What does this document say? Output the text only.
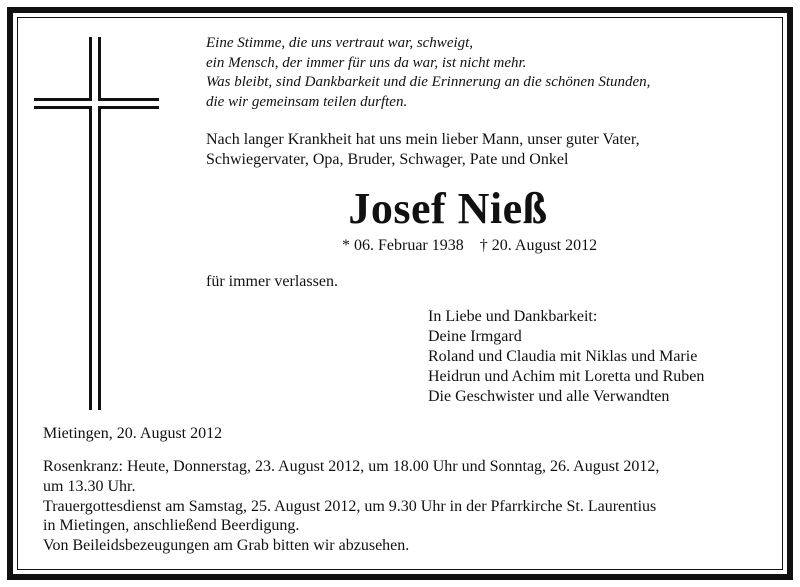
Eine Stimme, die uns vertraut war, schweigt,
ein Mensch, der immer für uns da war, ist nicht mehr.
Was bleibt, sind Dankbarkeit und die Erinnerung an die schönen Stunden,
die wir gemeinsam teilen durften.
Nach langer Krankheit hat uns mein lieber Mann, unser guter Vater,
Schwiegervater, Opa, Bruder, Schwager, Pate und Onkel
Josef Nieß
* 06. Februar 1938 † 20. August 2012
für immer verlassen.
In Liebe und Dankbarkeit:
Deine Irmgard
Roland und Claudia mit Niklas und Marie
Heidrun und Achim mit Loretta und Ruben
Die Geschwister und alle Verwandten
Mietingen, 20. August 2012
Rosenkranz: Heute, Donnerstag, 23. August 2012, um 18.00 Uhr und Sonntag, 26. August 2012,
um 13.30 Uhr.
Trauergottesdienst am Samstag, 25. August 2012, um 9.30 Uhr in der Pfarrkirche St. Laurentius
in Mietingen, anschließend Beerdigung.
Von Beileidsbezeugungen am Grab bitten wir abzusehen.
